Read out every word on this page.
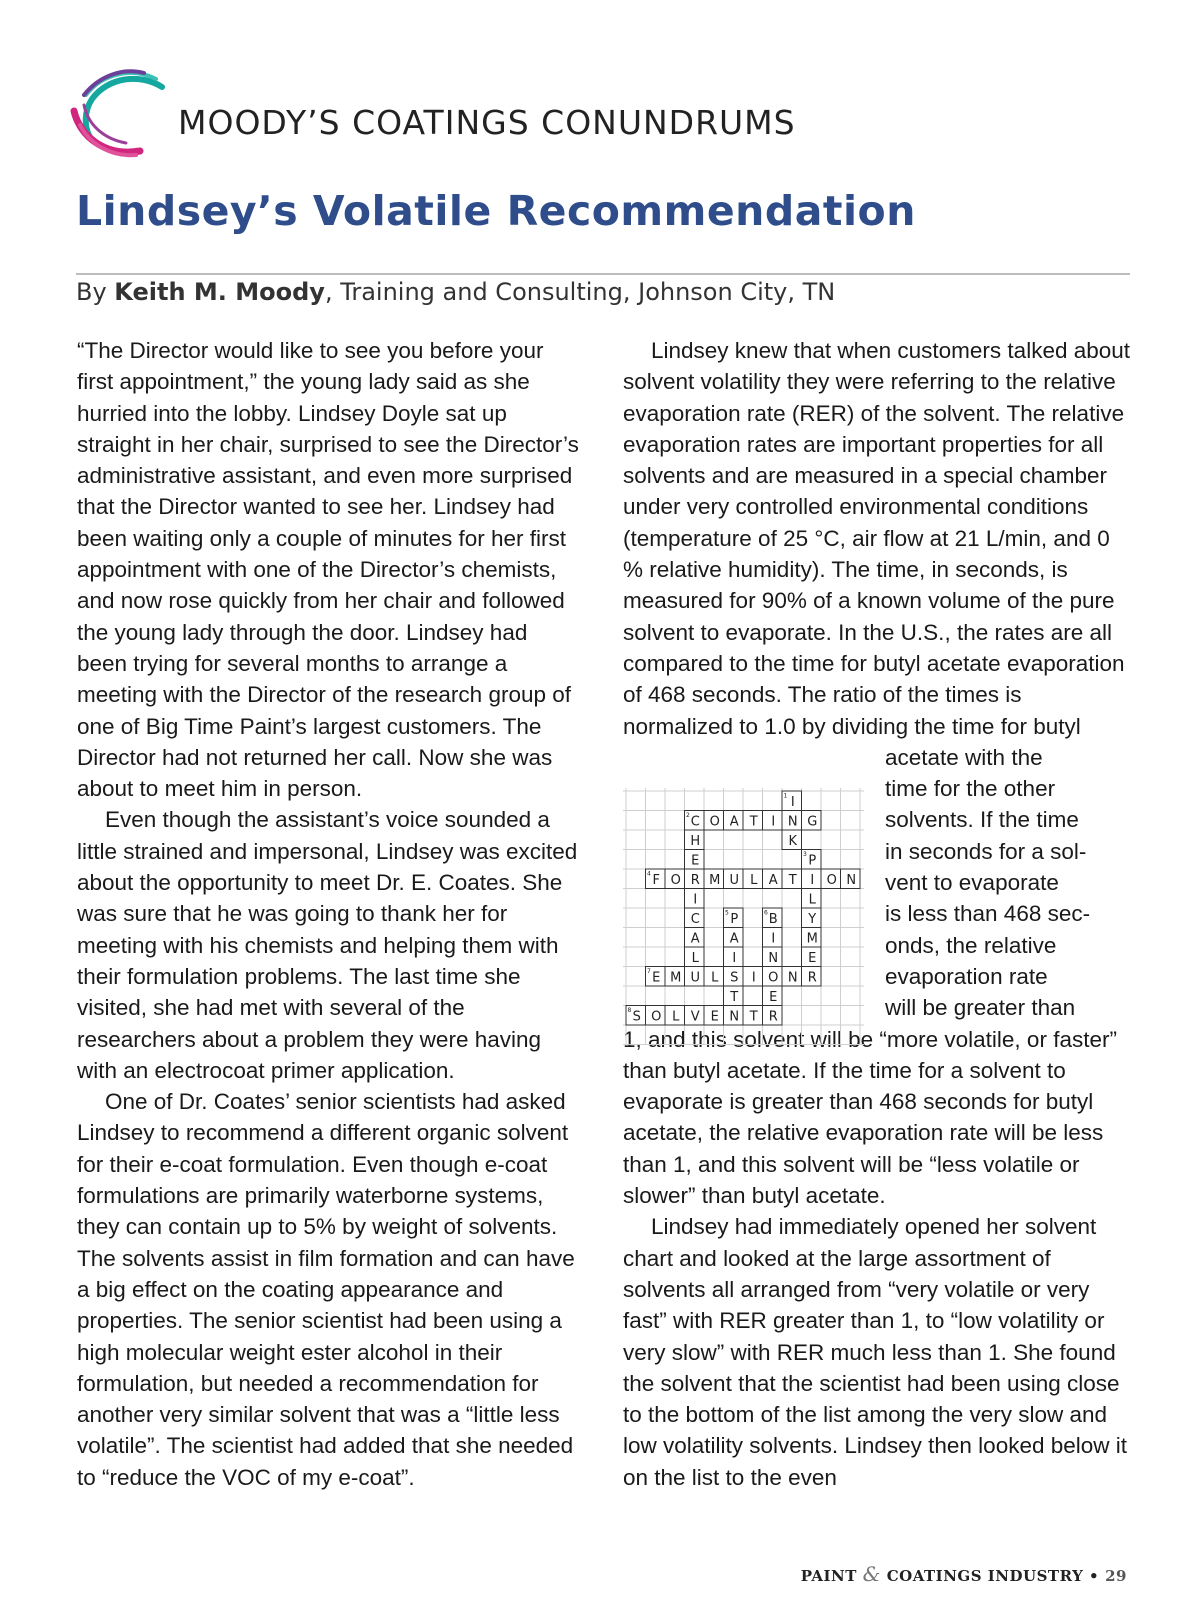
MOODY’S COATINGS CONUNDRUMS
Lindsey’s Volatile Recommendation
By Keith M. Moody, Training and Consulting, Johnson City, TN

“The Director would like to see you before your first appointment,” the young lady said as she hurried into the lobby. Lindsey Doyle sat up straight in her chair, surprised to see the Director’s administrative assistant, and even more surprised that the Director wanted to see her. Lindsey had been waiting only a couple of minutes for her first appointment with one of the Director’s chemists, and now rose quickly from her chair and followed the young lady through the door. Lindsey had been trying for several months to arrange a meeting with the Director of the research group of one of Big Time Paint’s largest customers. The Director had not returned her call. Now she was about to meet him in person.

Even though the assistant’s voice sounded a little strained and impersonal, Lindsey was excited about the opportunity to meet Dr. E. Coates. She was sure that he was going to thank her for meeting with his chemists and helping them with their formulation problems. The last time she visited, she had met with several of the researchers about a problem they were having with an electrocoat primer application.

One of Dr. Coates’ senior scientists had asked Lindsey to recommend a different organic solvent for their e-coat formulation. Even though e-coat formulations are primarily waterborne systems, they can contain up to 5% by weight of solvents. The solvents assist in film formation and can have a big effect on the coating appearance and properties. The senior scientist had been using a high molecular weight ester alcohol in their formulation, but needed a recommendation for another very similar solvent that was a “little less volatile”. The scientist had added that she needed to “reduce the VOC of my e-coat”.

Lindsey knew that when customers talked about solvent volatility they were referring to the relative evaporation rate (RER) of the solvent. The relative evaporation rates are important properties for all solvents and are measured in a special chamber under very controlled environmental conditions (temperature of 25 °C, air flow at 21 L/min, and 0 % relative humidity). The time, in seconds, is measured for 90% of a known volume of the pure solvent to evaporate. In the U.S., the rates are all compared to the time for butyl acetate evaporation of 468 seconds. The ratio of the times is normalized to 1.0 by dividing the time for butyl

acetate with the
time for the other
solvents. If the time
in seconds for a sol-
vent to evaporate
is less than 468 sec-
onds, the relative
evaporation rate
will be greater than

1, and this solvent will be “more volatile, or faster” than butyl acetate. If the time for a solvent to evaporate is greater than 468 seconds for butyl acetate, the relative evaporation rate will be less than 1, and this solvent will be “less volatile or slower” than butyl acetate.

Lindsey had immediately opened her solvent chart and looked at the large assortment of solvents all arranged from “very volatile or very fast” with RER greater than 1, to “low volatility or very slow” with RER much less than 1. She found the solvent that the scientist had been using close to the bottom of the list among the very slow and low volatility solvents. Lindsey then looked below it on the list to the even

I
1
N
K
C
2 O A T I G
H
E
R
I
C
A
L
P
3
I
L
Y
M
E
R
F
4 O M U L A T O N
P
5
A
I
S
T
B
6
I
N
O
E
R
E
7 M U L	I N
S
8 O L V E N T
PAINT & COATINGS INDUSTRY • 29
